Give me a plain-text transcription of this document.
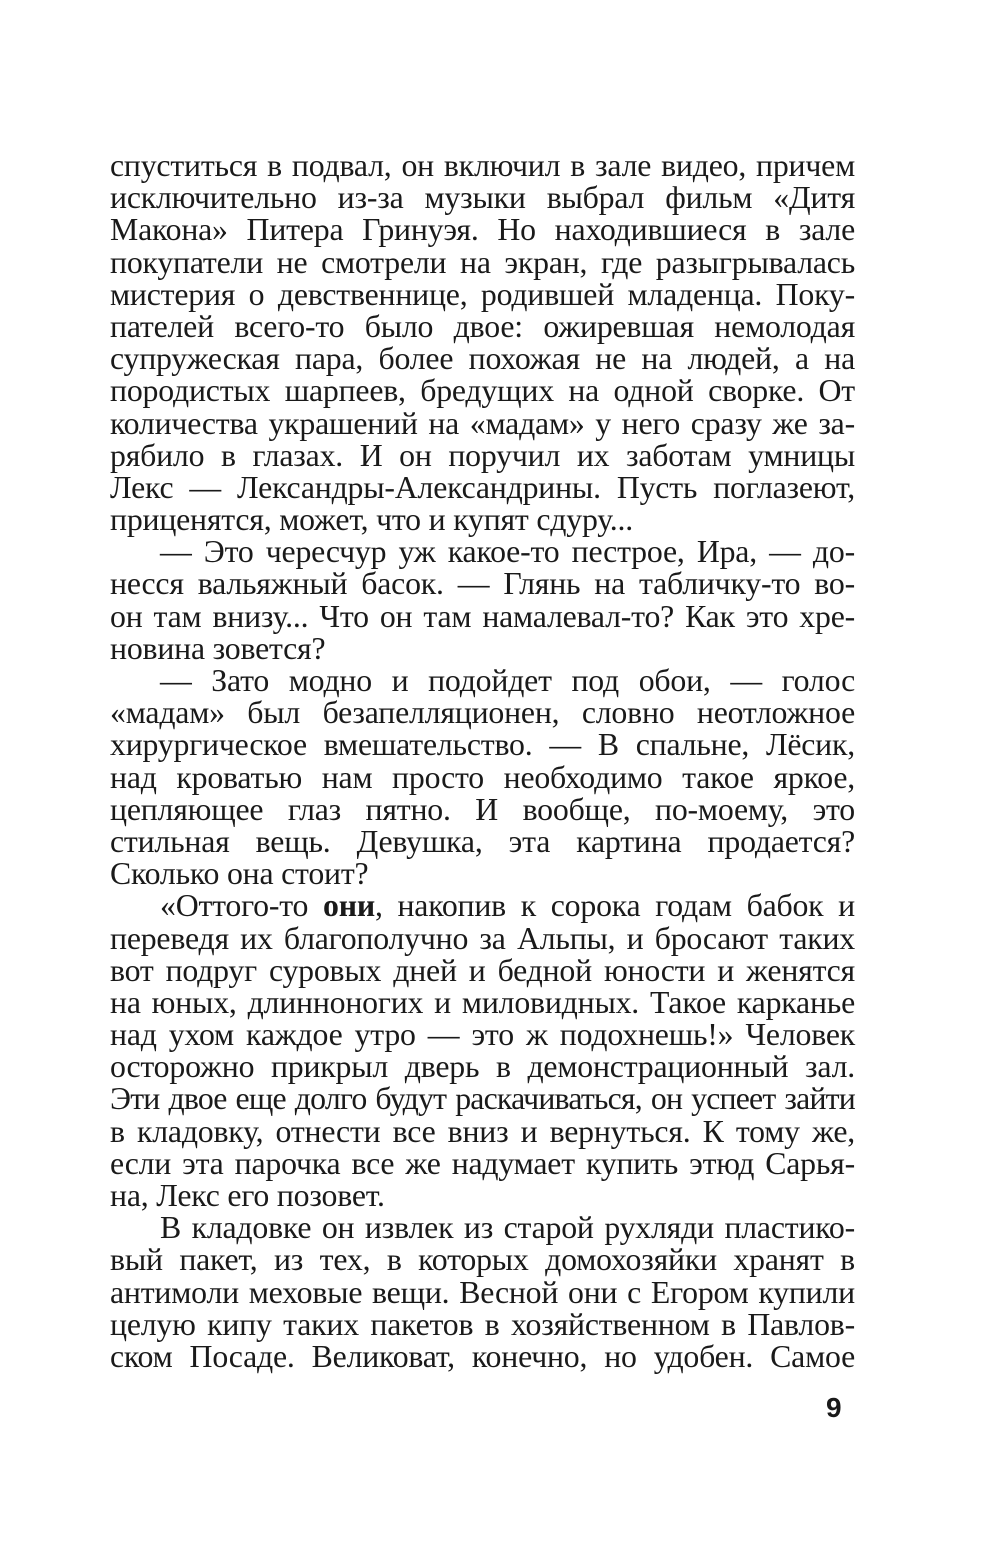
спуститься в подвал, он включил в зале видео, причем
исключительно из-за музыки выбрал фильм «Дитя
Макона» Питера Гринуэя. Но находившиеся в зале
покупатели не смотрели на экран, где разыгрывалась
мистерия о девственнице, родившей младенца. Поку-
пателей всего-то было двое: ожиревшая немолодая
супружеская пара, более похожая не на людей, а на
породистых шарпеев, бредущих на одной сворке. От
количества украшений на «мадам» у него сразу же за-
рябило в глазах. И он поручил их заботам умницы
Лекс — Лександры-Александрины. Пусть поглазеют,
приценятся, может, что и купят сдуру...
— Это чересчур уж какое-то пестрое, Ира, — до-
несся вальяжный басок. — Глянь на табличку-то во-
он там внизу... Что он там намалевал-то? Как это хре-
новина зовется?
— Зато модно и подойдет под обои, — голос
«мадам» был безапелляционен, словно неотложное
хирургическое вмешательство. — В спальне, Лёсик,
над кроватью нам просто необходимо такое яркое,
цепляющее глаз пятно. И вообще, по-моему, это
стильная вещь. Девушка, эта картина продается?
Сколько она стоит?
«Оттого-то они, накопив к сорока годам бабок и
переведя их благополучно за Альпы, и бросают таких
вот подруг суровых дней и бедной юности и женятся
на юных, длинноногих и миловидных. Такое карканье
над ухом каждое утро — это ж подохнешь!» Человек
осторожно прикрыл дверь в демонстрационный зал.
Эти двое еще долго будут раскачиваться, он успеет зайти
в кладовку, отнести все вниз и вернуться. К тому же,
если эта парочка все же надумает купить этюд Сарья-
на, Лекс его позовет.
В кладовке он извлек из старой рухляди пластико-
вый пакет, из тех, в которых домохозяйки хранят в
антимоли меховые вещи. Весной они с Егором купили
целую кипу таких пакетов в хозяйственном в Павлов-
ском Посаде. Великоват, конечно, но удобен. Самое
9
